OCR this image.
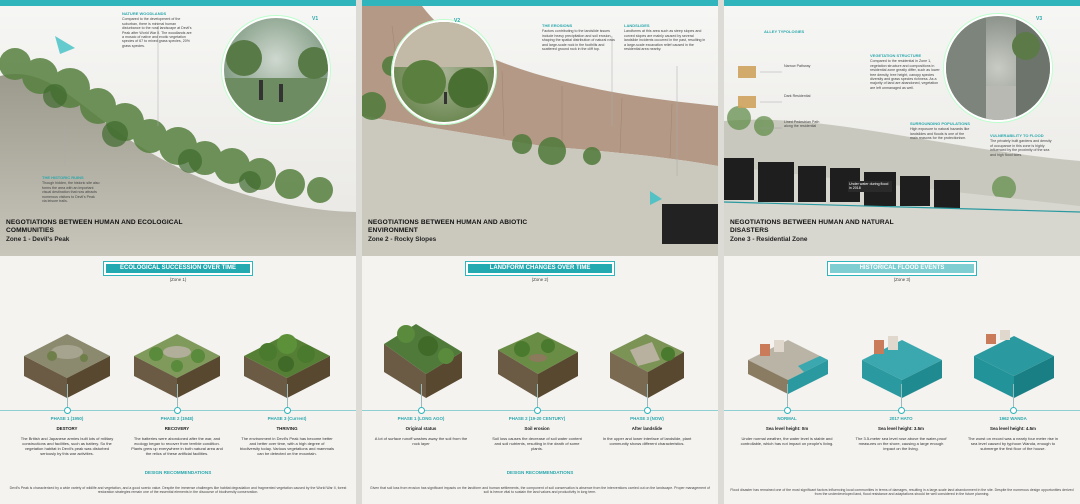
V1
NATURE WOODLANDS
Compared to the development of the suburban, there is minimal human disturbance to the rural landscape at Devil's Peak after World War II. The woodlands are a mosaic of native and exotic vegetation species of 67 to mixed grass species, 20% grass species.
THE HISTORIC RUINS
Though hidden, the historic site also forms the area with an important visual destination that now attracts numerous visitors to Devil's Peak via leisure trails.
NEGOTIATIONS BETWEEN HUMAN AND ECOLOGICAL COMMUNITIES
Zone 1 - Devil's Peak
ECOLOGICAL SUCCESSION OVER TIME
(Zone 1)
PHASE 1 (1950)
DESTORY
The British and Japanese armies built lots of military constructions and facilities, such as battery. So the vegetation habitat in Devil's peak was disturbed seriously by this war activities.
PHASE 2 (1948)
RECOVERY
The batteries were abondoned after the war, and ecology began to recover from terrible condition. Plants grew up everywhere in both natural area and the relics of these artificial facilities.
PHASE 3 (Current)
THRIVING
The environment in Devil's Peak has become better and better over time, with a high degree of biodiversity today. Various vegetations and mammals can be detected on the mountain.
DESIGN RECOMMENDATIONS
Devil's Peak is characterized by a wide variety of wildlife and vegetation, and a good scenic value. Despite the immense challenges like habitat degradation and fragmented vegetation caused by the World War II, forest restoration strategies remain one of the essential elements in the discourse of biodiversity conservation.
V2
THE EROSIONS
Factors contributing to the landslide issues include heavy precipitation and soil erosion, shaping the spatial distribution of natural rows and large-scale rock in the foothills and scattered ground rock in the cliff top.
LANDSLIDES
Landforms at this area such as steep slopes and curved slopes are mainly caused by several landslide incidents occurred in the past, resulting in a large-scale excavation relief caused in the residential area nearby.
NEGOTIATIONS BETWEEN HUMAN AND ABIOTIC ENVIRONMENT
Zone 2 - Rocky Slopes
LANDFORM CHANGES OVER TIME
(Zone 2)
PHASE 1 (LONG AGO)
Original status
A lot of surface runoff washes away the soil from the rock layer
PHASE 2 (19-20 CENTURY)
Soil erosion
Soil loss causes the decrease of soil water content and soil nutrients, resulting in the death of some plants.
PHASE 3 (NOW)
After landslide
In the upper and lower interface of landslide, plant community shows different characteristics.
DESIGN RECOMMENDATIONS
Given that soil loss from erosion has significant impacts on the landform and human settlements, the component of soil conservation is absence from the interventions carried out on the landscape. Proper management of soil is hence vital to sustain the land values and productivity in long term.
V3
ALLEY TYPOLOGIES
Narrow Pathway
Dark Residential
Lined Pedestrian Path along the residential
VEGETATION STRUCTURE
Compared to the residential in Zone 1, vegetation structure and compositions in residential zone greatly differ, such as lower tree density, tree height, canopy species diversity and grass species richness. As a majority of land are abandoned, vegetation are left unmanaged as well.
SURROUNDING POPULATIONS
High exposure to natural hazards like landslides and floods is one of the main reasons for the protectionism.
VULNERABILITY TO FLOOD
The privately built gardens and density of occupance in this zone is highly influenced by the proximity of the sea and high flood tides.
Under water during flood in 2018
NEGOTIATIONS BETWEEN HUMAN AND NATURAL DISASTERS
Zone 3 - Residential Zone
HISTORICAL FLOOD EVENTS
(Zone 3)
NORMAL
Sea level height: 0m
Under normal weather, the water level is stable and controllable, which has not impact on people's living.
2017 HATO
Sea level height: 3.5m
The 3.5-meter sea level rose above the water-proof measures on the shore, causing a large enough impact on the living.
1962 WANDA
Sea level height: 4.5m
The worst on record was a nearly four meter rise in sea level caused by typhoon Wanda, enough to submerge the first floor of the house.
Flood disaster has remained one of the most significant factors influencing local communities in terms of damages, resulting in a large-scale land abandonment in the site. Despite the numerous design opportunities derived from the underdeveloped land, flood resistance and adaptations should be well considered in the future planning.
